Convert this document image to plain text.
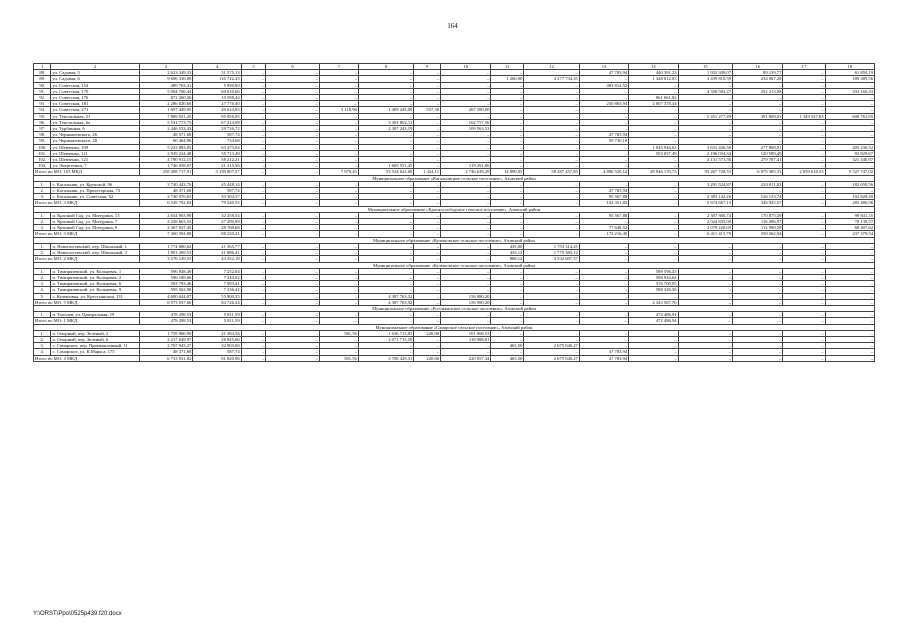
164
1	2	3	4	5	6	7	8	9	10	11	12	13	14	15	16	17	18
88.	ул. Садовая, 5	2 623 349,33	31 575,13	–	–	–	–	–	–	–	–	47 783,94	440 391,23	1 952 309,07	89 139,77	–	61 850,19
89.	ул. Садовая, 6	9 606 336,08	116 722,25	–	–	–	–	–	–	1 260,00	4 277 734,35	–	1 348 612,05	3 439 810,59	234 067,28	–	189 389,56
90.	ул. Советская, 154	489 763,41	5 950,89	–	–	–	–	–	–	–	–	483 812,52	–	–	–	–	–
91.	ул. Советская, 170	5 004 766,44	60 810,66	–	–	–	–	–	–	–	–	–	–	4 358 582,27	252 213,08	–	333 160,43
92.	ул. Советская, 176	872 260,26	10 598,44	–	–	–	–	–	–	–	–	–	861 661,82	–	–	–	–
93.	ул. Советская, 181	2 286 020,68	27 776,40	–	–	–	–	–	–	–	–	250 865,94	2 007 378,34	–	–	–	–
94.	ул. Советская, 271	1 697 449,95	20 624,95	–	–	3 118,96	1 409 245,00	557,30	267 580,00	–	–	–	–	–	–	–	–
95.	ул. Текстильная, 21	7 889 031,25	95 856,05	–	–	–	–	–	–	–	–	–	–	5 451 277,49	391 808,03	1 349 327,83	600 761,85
96.	ул. Текстильная, 6а	5 531 773,75	67 214,08	–	–	–	5 301 802,11	–	162 757,56	–	–	–	–	–	–	–	–
97.	ул. Турбинная, 6	2 446 533,43	29 726,72	–	–	–	2 307 243,19	–	109 563,52	–	–	–	–	–	–	–	–
98.	ул. Чернышевского, 26	48 371,68	587,74	–	–	–	–	–	–	–	–	47 783,94	–	–	–	–	–
99.	ул. Чернышевского, 28	60 464,86	734,68	–	–	–	–	–	–	–	–	59 730,18	–	–	–	–	–
100.	ул. Шевченко, 109	5 223 883,05	63 473,04	–	–	–	–	–	–	–	–	–	1 045 944,02	3 631 426,56	277 808,91	–	205 230,52
101.	ул. Шевченко, 111	2 939 224,48	35 713,49	–	–	–	–	–	–	–	–	–	503 057,49	2 196 034,34	120 589,49	–	83 829,67
102.	ул. Шевченко, 121	4 790 912,15	58 212,21	–	–	–	–	–	–	–	–	–	–	4 131 571,56	279 787,41	–	321 340,97
103.	ул. Энергетики, 7	1 746 058,07	21 215,56	–	–	–	1 605 551,45	–	119 291,06	–	–	–	–	–	–	–	–
Итого по МО: 103 МКД		258 408 717,91	3 139 807,57	–	–	7 979,45	53 524 622,00	1 324,11	2 746 639,29	14 890,05	58 287 457,85	4 886 520,12	28 946 170,73	93 267 728,55	6 075 385,35	2 059 618,53	5 527 747,02
Муниципальное образование «Кагальницкое сельское поселение», Азовский район																	
1.	с. Кагальник, ул. Крупской, 96	3 740 443,70	45 448,14	–	–	–	–	–	–	–	–	–	–	3 291 524,87	220 811,83	–	182 658,56
2.	с. Кагальник, ул. Пролетарская, 73	48 371,68	587,74	–	–	–	–	–	–	–	–	47 783,94	–	–	–	–	–
3.	с. Кагальник, ул. Советская, 62	2 740 976,65	33 304,37	–	–	–	–	–	–	–	–	95 567,88	–	2 383 142,26	126 133,74	–	102 828,40
Итого по МО: 3 МКД		6 529 792,03	79 340,55	–	–	–	–	–	–	–	–	143 351,82	–	5 674 667,13	346 945,57	–	285 486,96
Муниципальное образование «Краснослободское сельское поселение», Азовский район																	
1.	п. Красный Сад, ул. Мичурина, 13	2 654 903,90	32 258,54	–	–	–	–	–	–	–	–	95 567,88	–	2 307 360,74	170 875,39	–	98 841,35
2.	п. Красный Сад, ул. Мичурина, 7	2 238 663,53	27 200,99	–	–	–	–	–	–	–	–	–	–	2 024 835,00	116 496,97	–	70 130,57
3.	п. Красный Сад, ул. Мичурина, 9	2 367 027,45	28 760,68	–	–	–	–	–	–	–	–	77 648,52	–	2 079 220,05	112 990,58	–	68 407,62
Итого по МО: 3 МКД		7 260 594,88	88 220,21	–	–	–	–	–	–	–	–	173 216,40	–	6 411 415,79	350 362,94	–	237 379,54
Муниципальное образование «Кулешовское сельское поселение», Азовский район																	
1.	п. Новополтавский, пер. Школьный, 1	1 774 880,02	21 565,77	–	–	–	–	–	–	435,00	1 753 314,25	–	–	–	–	–	–
2.	п. Новополтавский, пер. Школьный, 3	1 801 269,53	21 886,41	–	–	–	–	–	–	433,12	1 779 383,12	–	–	–	–	–	–
Итого по МО: 2 МКД		3 576 149,55	43 452,18	–	–	–	–	–	–	868,12	3 532 697,37	–	–	–	–	–	–
Муниципальное образование «Кулешовское сельское поселение», Азовский район																	
1.	п. Тимирязевский, ул. Кольцевая, 1	596 848,49	7 252,04	–	–	–	–	–	–	–	–	–	589 596,45	–	–	–	–
2.	п. Тимирязевский, ул. Кольцевая, 2	596 188,66	7 244,02	–	–	–	–	–	–	–	–	–	588 944,64	–	–	–	–
3.	п. Тимирязевский, ул. Кольцевая, 6	583 793,46	7 093,41	–	–	–	–	–	–	–	–	–	576 700,05	–	–	–	–
4.	п. Тимирязевский, ул. Кольцевая, 9	595 562,98	7 236,42	–	–	–	–	–	–	–	–	–	588 326,56	–	–	–	–
5.	с. Кулешовка, ул. Крестьянская, 131	4 600 644,07	55 900,35	–	–	–	4 387 763,52	–	156 980,20	–	–	–	–	–	–	–	–
Итого по МО: 5 МКД		6 973 037,66	84 726,24	–	–	–	4 387 763,52	–	156 980,20	–	–	–	2 343 567,70	–	–	–	–
Муниципальное образование «Рогожкинское сельское поселение», Азовский район																	
1.	п. Тополев, ул. Центральная, 19	478 298,53	5 811,59	–	–	–	–	–	–	–	–	–	472 486,94	–	–	–	–
Итого по МО: 1 МКД		478 298,53	5 811,59	–	–	–	–	–	–	–	–	–	472 486,94	–	–	–	–
Муниципальное образование «Самарское сельское поселение», Азовский район																	
1.	п. Опорный, пер. Зеленый, 2	1 759 966,90	21 384,56	–	–	581,56	1 636 713,81	220,00	101 068,53	–	–	–	–	–	–	–	–
2.	п. Опорный, пер. Зеленый, 6	2 217 649,97	26 945,66	–	–	–	2 071 715,50	–	118 988,81	–	–	–	–	–	–	–	–
3.	с. Самарское, пер. Промышленный, 11	2 707 943,27	32 903,00	–	–	–	–	–	–	465,50	2 675 040,27	–	–	–	–	–	–
4.	с. Самарское, ул. К.Маркса, 175	48 371,68	587,74	–	–	–	–	–	–	–	–	47 783,94	–	–	–	–	–
Итого по МО: 4 МКД		6 733 931,82	81 820,96	–	–	581,56	3 708 429,31	220,00	220 057,34	465,50	2 675 040,27	47 783,94	–	–	–	–	–
Y:\ORST\Ppo\0525p439.f20.docx
